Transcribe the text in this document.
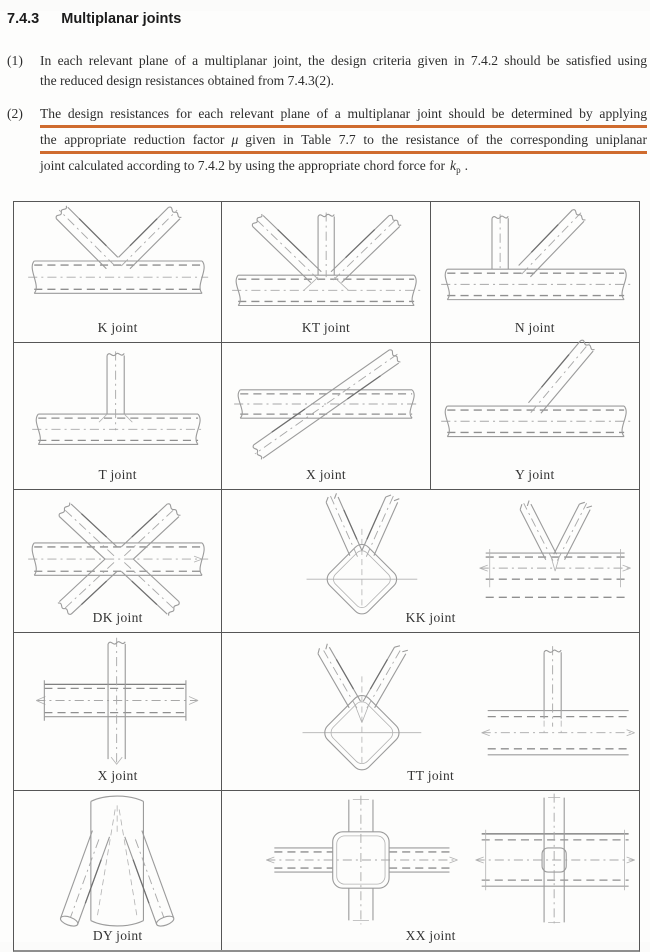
7.4.3 Multiplanar joints
(1)	In each relevant plane of a multiplanar joint, the design criteria given in 7.4.2 should be satisfied using
the reduced design resistances obtained from 7.4.3(2).
(2)	The design resistances for each relevant plane of a multiplanar joint should be determined by applying
the appropriate reduction factor μ given in Table 7.7 to the resistance of the corresponding uniplanar
joint calculated according to 7.4.2 by using the appropriate chord force for $k_p$ .
K joint	KT joint	N joint
T joint	X joint	Y joint
DK joint	KK joint
X joint	TT joint
DY joint	XX joint
